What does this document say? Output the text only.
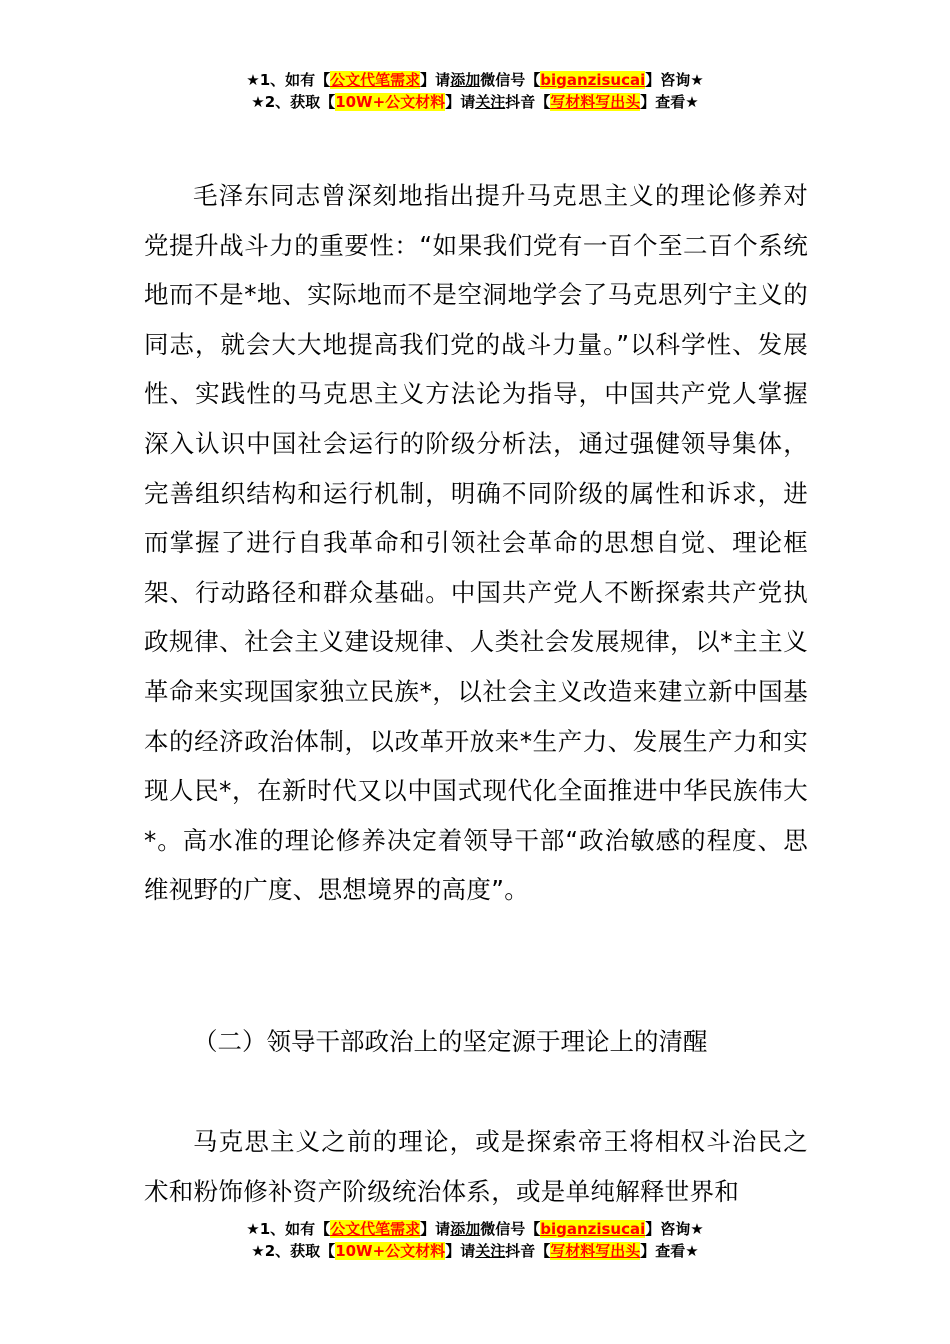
★1、如有【公文代笔需求】请添加微信号【biganzisucai】咨询★
★2、获取【10W+公文材料】请关注抖音【写材料写出头】查看★
毛泽东同志曾深刻地指出提升马克思主义的理论修养对党提升战斗力的重要性：“如果我们党有一百个至二百个系统地而不是*地、实际地而不是空洞地学会了马克思列宁主义的同志，就会大大地提高我们党的战斗力量。”以科学性、发展性、实践性的马克思主义方法论为指导，中国共产党人掌握深入认识中国社会运行的阶级分析法，通过强健领导集体，完善组织结构和运行机制，明确不同阶级的属性和诉求，进而掌握了进行自我革命和引领社会革命的思想自觉、理论框架、行动路径和群众基础。中国共产党人不断探索共产党执政规律、社会主义建设规律、人类社会发展规律，以*主主义革命来实现国家独立民族*，以社会主义改造来建立新中国基本的经济政治体制，以改革开放来*生产力、发展生产力和实现人民*，在新时代又以中国式现代化全面推进中华民族伟大*。高水准的理论修养决定着领导干部“政治敏感的程度、思维视野的广度、思想境界的高度”。
（二）领导干部政治上的坚定源于理论上的清醒
马克思主义之前的理论，或是探索帝王将相权斗治民之术和粉饰修补资产阶级统治体系，或是单纯解释世界和
★1、如有【公文代笔需求】请添加微信号【biganzisucai】咨询★
★2、获取【10W+公文材料】请关注抖音【写材料写出头】查看★
